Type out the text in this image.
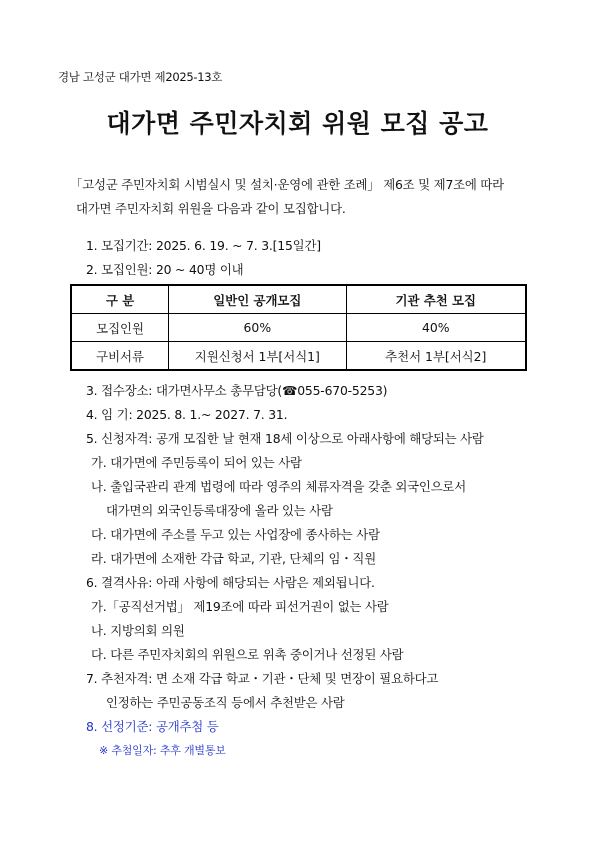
경남 고성군 대가면 제2025-13호
대가면 주민자치회 위원 모집 공고
「고성군 주민자치회 시범실시 및 설치·운영에 관한 조례」 제6조 및 제7조에 따라
대가면 주민자치회 위원을 다음과 같이 모집합니다.
1. 모집기간: 2025. 6. 19. ~ 7. 3.[15일간]
2. 모집인원: 20 ~ 40명 이내
구 분	일반인 공개모집	기관 추천 모집
모집인원	60%	40%
구비서류	지원신청서 1부[서식1]	추천서 1부[서식2]
3. 접수장소: 대가면사무소 총무담당(☎055-670-5253)
4. 임 기: 2025. 8. 1.~ 2027. 7. 31.
5. 신청자격: 공개 모집한 날 현재 18세 이상으로 아래사항에 해당되는 사람
가. 대가면에 주민등록이 되어 있는 사람
나. 출입국관리 관계 법령에 따라 영주의 체류자격을 갖춘 외국인으로서
대가면의 외국인등록대장에 올라 있는 사람
다. 대가면에 주소를 두고 있는 사업장에 종사하는 사람
라. 대가면에 소재한 각급 학교, 기관, 단체의 임・직원
6. 결격사유: 아래 사항에 해당되는 사람은 제외됩니다.
가.「공직선거법」 제19조에 따라 피선거권이 없는 사람
나. 지방의회 의원
다. 다른 주민자치회의 위원으로 위촉 중이거나 선정된 사람
7. 추천자격: 면 소재 각급 학교・기관・단체 및 면장이 필요하다고
인정하는 주민공동조직 등에서 추천받은 사람
8. 선정기준: 공개추첨 등
※ 추첨일자: 추후 개별통보
